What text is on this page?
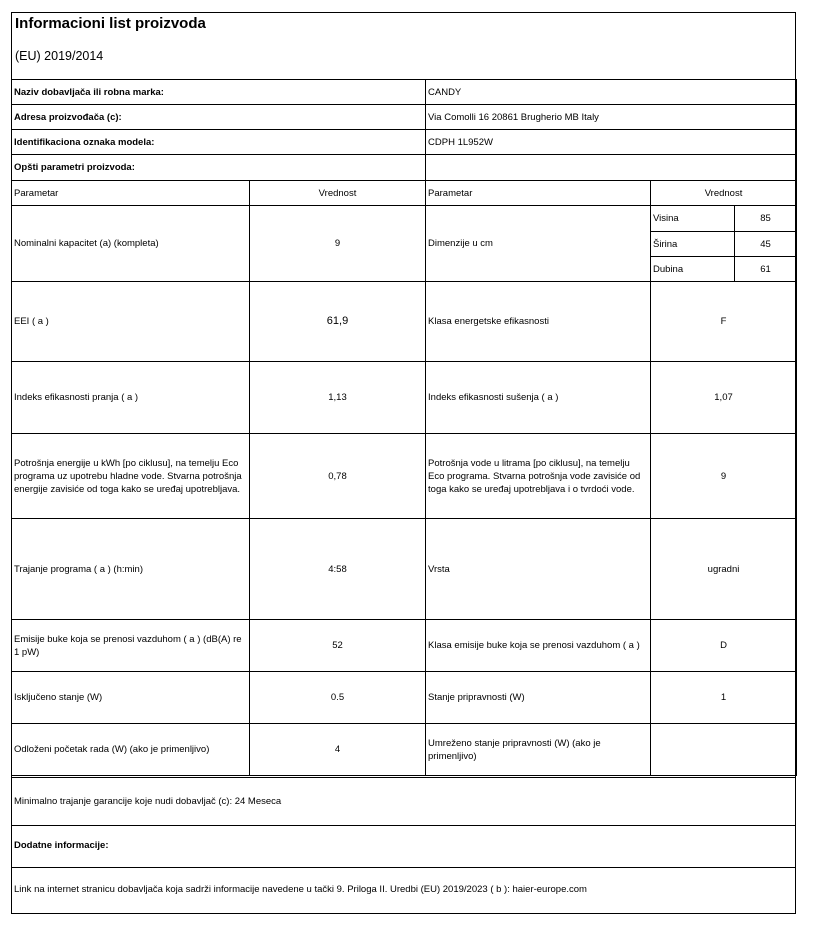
Informacioni list proizvoda
(EU) 2019/2014
Naziv dobavljača ili robna marka:		CANDY		
Adresa proizvođača (c):		Via Comolli 16 20861 Brugherio MB Italy		
Identifikaciona oznaka modela:		CDPH 1L952W		
Opšti parametri proizvoda:				
Parametar	Vrednost	Parametar	Vrednost	
Nominalni kapacitet (a) (kompleta)	9	Dimenzije u cm	Visina	85
			Širina	45
			Dubina	61
EEI ( a )	61,9	Klasa energetske efikasnosti	F	
Indeks efikasnosti pranja ( a )	1,13	Indeks efikasnosti sušenja ( a )	1,07	
Potrošnja energije u kWh [po ciklusu], na temelju Eco programa uz upotrebu hladne vode. Stvarna potrošnja energije zavisiće od toga kako se uređaj upotrebljava.	0,78	Potrošnja vode u litrama [po ciklusu], na temelju Eco programa. Stvarna potrošnja vode zavisiće od toga kako se uređaj upotrebljava i o tvrdoći vode.	9	
Trajanje programa ( a ) (h:min)	4:58	Vrsta	ugradni	
Emisije buke koja se prenosi vazduhom ( a ) (dB(A) re 1 pW)	52	Klasa emisije buke koja se prenosi vazduhom ( a )	D	
Isključeno stanje (W)	0.5	Stanje pripravnosti (W)	1	
Odloženi početak rada (W) (ako je primenljivo)	4	Umreženo stanje pripravnosti (W) (ako je primenljivo)		
Minimalno trajanje garancije koje nudi dobavljač (c): 24 Meseca
Dodatne informacije:
Link na internet stranicu dobavljača koja sadrži informacije navedene u tački 9. Priloga II. Uredbi (EU) 2019/2023 ( b ): haier-europe.com
